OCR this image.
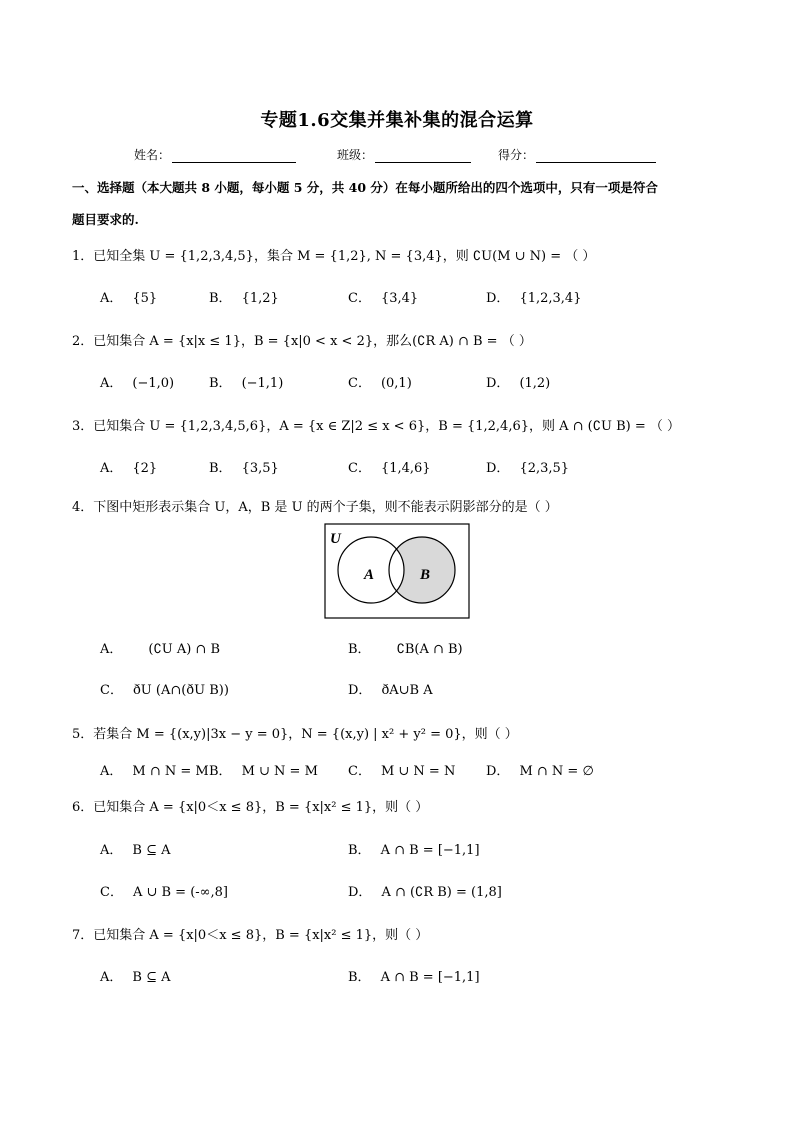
专题1.6交集并集补集的混合运算
姓名：	班级：	得分：
一、选择题（本大题共 8 小题，每小题 5 分，共 40 分）在每小题所给出的四个选项中，只有一项是符合
题目要求的.
1．已知全集 U = {1,2,3,4,5}，集合 M = {1,2}, N = {3,4}，则 ∁U(M ∪ N) = （ ）
A． {5}	B． {1,2}	C． {3,4}	D． {1,2,3,4}
2．已知集合 A = {x|x ≤ 1}，B = {x|0 < x < 2}，那么(∁R A) ∩ B = （ ）
A． (−1,0)	B． (−1,1)	C． (0,1)	D． (1,2)
3．已知集合 U = {1,2,3,4,5,6}，A = {x ∈ Z|2 ≤ x < 6}，B = {1,2,4,6}，则 A ∩ (∁U B) = （ ）
A． {2}	B． {3,5}	C． {1,4,6}	D． {2,3,5}
4．下图中矩形表示集合 U，A，B 是 U 的两个子集，则不能表示阴影部分的是（ ）
U
A	B
A． (∁U A) ∩ B	B． ∁B(A ∩ B)
C． ðU (A∩(ðU B))	D． ðA∪B A
5．若集合 M = {(x,y)|3x − y = 0}，N = {(x,y) | x² + y² = 0}，则（ ）
A． M ∩ N = M B． M ∪ N = M C． M ∪ N = N D． M ∩ N = ∅
6．已知集合 A = {x|0＜x ≤ 8}，B = {x|x² ≤ 1}，则（ ）
A． B ⊆ A	B． A ∩ B = [−1,1]
C． A ∪ B = (-∞,8]	D． A ∩ (∁R B) = (1,8]
7．已知集合 A = {x|0＜x ≤ 8}，B = {x|x² ≤ 1}，则（ ）
A． B ⊆ A	B． A ∩ B = [−1,1]
